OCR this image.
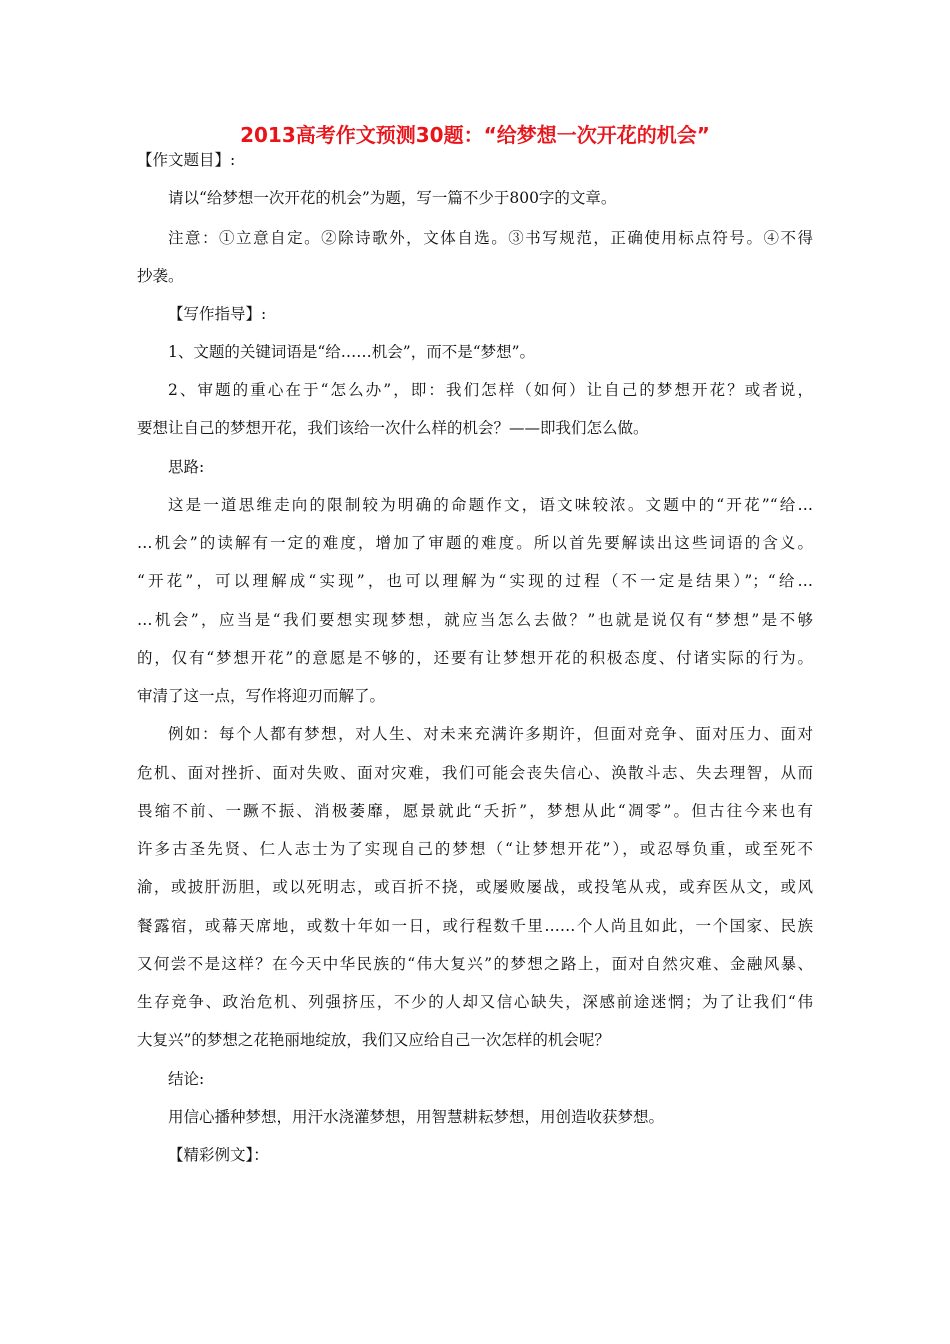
2013高考作文预测30题：“给梦想一次开花的机会”
【作文题目】:
请以“给梦想一次开花的机会”为题，写一篇不少于800字的文章。
注意：①立意自定。②除诗歌外，文体自选。③书写规范，正确使用标点符号。④不得
抄袭。
【写作指导】:
1、文题的关键词语是“给……机会”，而不是“梦想”。
2、审题的重心在于“怎么办”，即：我们怎样（如何）让自己的梦想开花？或者说，
要想让自己的梦想开花，我们该给一次什么样的机会？——即我们怎么做。
思路:
这是一道思维走向的限制较为明确的命题作文，语文味较浓。文题中的“开花”“给…
…机会”的读解有一定的难度，增加了审题的难度。所以首先要解读出这些词语的含义。
“开花”，可以理解成“实现”，也可以理解为“实现的过程（不一定是结果）”；“给…
…机会”，应当是“我们要想实现梦想，就应当怎么去做？”也就是说仅有“梦想”是不够
的，仅有“梦想开花”的意愿是不够的，还要有让梦想开花的积极态度、付诸实际的行为。
审清了这一点，写作将迎刃而解了。
例如：每个人都有梦想，对人生、对未来充满许多期许，但面对竞争、面对压力、面对
危机、面对挫折、面对失败、面对灾难，我们可能会丧失信心、涣散斗志、失去理智，从而
畏缩不前、一蹶不振、消极萎靡，愿景就此“夭折”，梦想从此“凋零”。但古往今来也有
许多古圣先贤、仁人志士为了实现自己的梦想（“让梦想开花”），或忍辱负重，或至死不
渝，或披肝沥胆，或以死明志，或百折不挠，或屡败屡战，或投笔从戎，或弃医从文，或风
餐露宿，或幕天席地，或数十年如一日，或行程数千里……个人尚且如此，一个国家、民族
又何尝不是这样？在今天中华民族的“伟大复兴”的梦想之路上，面对自然灾难、金融风暴、
生存竞争、政治危机、列强挤压，不少的人却又信心缺失，深感前途迷惘；为了让我们“伟
大复兴”的梦想之花艳丽地绽放，我们又应给自己一次怎样的机会呢？
结论:
用信心播种梦想，用汗水浇灌梦想，用智慧耕耘梦想，用创造收获梦想。
【精彩例文】：
